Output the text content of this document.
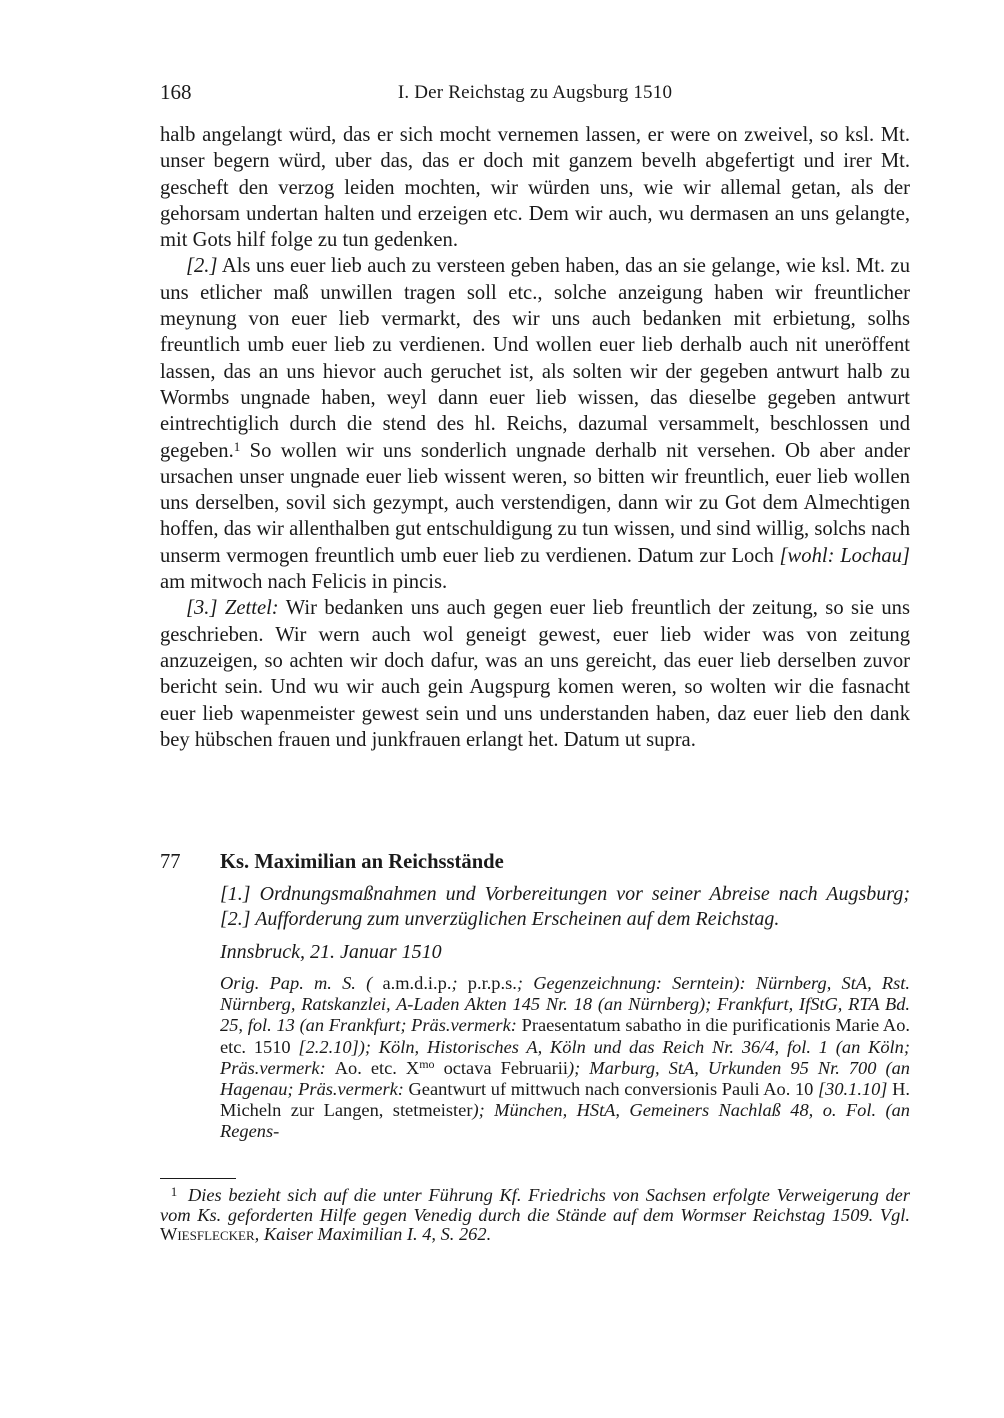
168	I. Der Reichstag zu Augsburg 1510

halb angelangt würd, das er sich mocht vernemen lassen, er were on zweivel, so ksl. Mt. unser begern würd, uber das, das er doch mit ganzem bevelh abgefertigt und irer Mt. gescheft den verzog leiden mochten, wir würden uns, wie wir allemal getan, als der gehorsam undertan halten und erzeigen etc. Dem wir auch, wu dermasen an uns gelangte, mit Gots hilf folge zu tun gedenken.

[2.] Als uns euer lieb auch zu versteen geben haben, das an sie gelange, wie ksl. Mt. zu uns etlicher maß unwillen tragen soll etc., solche anzeigung haben wir freuntlicher meynung von euer lieb vermarkt, des wir uns auch bedanken mit erbietung, solhs freuntlich umb euer lieb zu verdienen. Und wollen euer lieb derhalb auch nit uneröffent lassen, das an uns hievor auch geruchet ist, als solten wir der gegeben antwurt halb zu Wormbs ungnade haben, weyl dann euer lieb wissen, das dieselbe gegeben antwurt eintrechtiglich durch die stend des hl. Reichs, dazumal versammelt, beschlossen und gegeben.$^1$ So wollen wir uns sonderlich ungnade derhalb nit versehen. Ob aber ander ursachen unser ungnade euer lieb wissent weren, so bitten wir freuntlich, euer lieb wollen uns derselben, sovil sich gezympt, auch verstendigen, dann wir zu Got dem Almechtigen hoffen, das wir allenthalben gut entschuldigung zu tun wissen, und sind willig, solchs nach unserm vermogen freuntlich umb euer lieb zu verdienen. Datum zur Loch [wohl: Lochau] am mitwoch nach Felicis in pincis.

[3.] Zettel: Wir bedanken uns auch gegen euer lieb freuntlich der zeitung, so sie uns geschrieben. Wir wern auch wol geneigt gewest, euer lieb wider was von zeitung anzuzeigen, so achten wir doch dafur, was an uns gereicht, das euer lieb derselben zuvor bericht sein. Und wu wir auch gein Augspurg komen weren, so wolten wir die fasnacht euer lieb wapenmeister gewest sein und uns understanden haben, daz euer lieb den dank bey hübschen frauen und junkfrauen erlangt het. Datum ut supra.

77	Ks. Maximilian an Reichsstände

[1.] Ordnungsmaßnahmen und Vorbereitungen vor seiner Abreise nach Augsburg; [2.] Aufforderung zum unverzüglichen Erscheinen auf dem Reichstag.

Innsbruck, 21. Januar 1510

Orig. Pap. m. S. ( a.m.d.i.p.; p.r.p.s.; Gegenzeichnung: Serntein): Nürnberg, StA, Rst. Nürnberg, Ratskanzlei, A-Laden Akten 145 Nr. 18 (an Nürnberg); Frankfurt, IfStG, RTA Bd. 25, fol. 13 (an Frankfurt; Präs.vermerk: Praesentatum sabatho in die purificationis Marie Ao. etc. 1510 [2.2.10]); Köln, Historisches A, Köln und das Reich Nr. 36/4, fol. 1 (an Köln; Präs.vermerk: Ao. etc. $X^{mo}$ octava Februarii); Marburg, StA, Urkunden 95 Nr. 700 (an Hagenau; Präs.vermerk: Geantwurt uf mittwuch nach conversionis Pauli Ao. 10 [30.1.10] H. Micheln zur Langen, stetmeister); München, HStA, Gemeiners Nachlaß 48, o. Fol. (an Regens-

1 Dies bezieht sich auf die unter Führung Kf. Friedrichs von Sachsen erfolgte Verweigerung der vom Ks. geforderten Hilfe gegen Venedig durch die Stände auf dem Wormser Reichstag 1509. Vgl. Wiesflecker, Kaiser Maximilian I. 4, S. 262.
